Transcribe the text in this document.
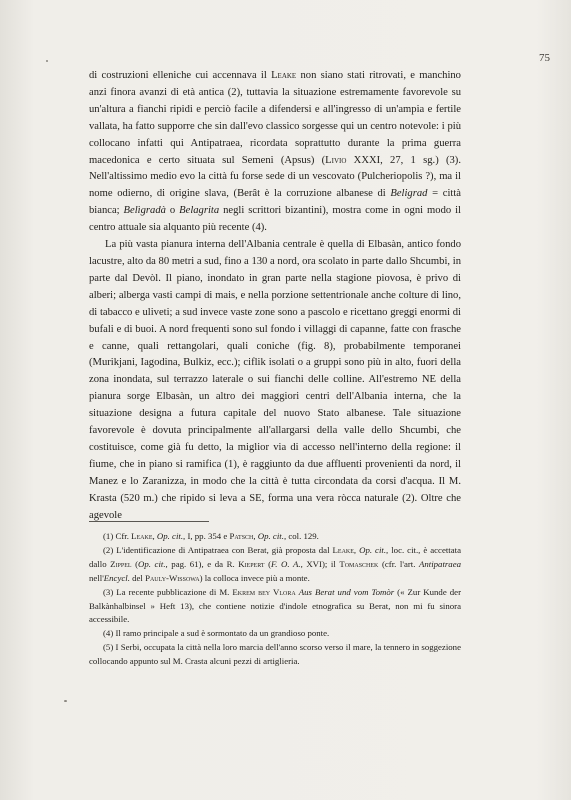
75

di costruzioni elleniche cui accennava il Leake non siano stati ritrovati, e manchino anzi finora avanzi di età antica (2), tuttavia la situazione estremamente favorevole su un'altura a fianchi ripidi e perciò facile a difendersi e all'ingresso di un'ampia e fertile vallata, ha fatto supporre che sin dall'evo classico sorgesse qui un centro notevole: i più collocano infatti qui Antipatraea, ricordata soprattutto durante la prima guerra macedonica e certo situata sul Semeni (Apsus) (Livio XXXI, 27, 1 sg.) (3). Nell'altissimo medio evo la città fu forse sede di un vescovato (Pulcheriopolis ?), ma il nome odierno, di origine slava, (Berât è la corruzione albanese di Beligrad = città bianca; Belìgradà o Belagrita negli scrittori bizantini), mostra come in ogni modo il centro attuale sia alquanto più recente (4).

La più vasta pianura interna dell'Albania centrale è quella di Elbasàn, antico fondo lacustre, alto da 80 metri a sud, fino a 130 a nord, ora scolato in parte dallo Shcumbi, in parte dal Devòl. Il piano, inondato in gran parte nella stagione piovosa, è privo di alberi; alberga vasti campi di mais, e nella porzione settentrionale anche colture di lino, di tabacco e uliveti; a sud invece vaste zone sono a pascolo e ricettano greggi enormi di bufali e di buoi. A nord frequenti sono sul fondo i villaggi di capanne, fatte con frasche e canne, quali rettangolari, quali coniche (fig. 8), probabilmente temporanei (Murikjani, Iagodina, Bulkiz, ecc.); ciflik isolati o a gruppi sono più in alto, fuori della zona inondata, sul terrazzo laterale o sui fianchi delle colline. All'estremo NE della pianura sorge Elbasàn, un altro dei maggiori centri dell'Albania interna, che la situazione designa a futura capitale del nuovo Stato albanese. Tale situazione favorevole è dovuta principalmente all'allargarsi della valle dello Shcumbi, che costituisce, come già fu detto, la miglior via di accesso nell'interno della regione: il fiume, che in piano si ramifica (1), è raggiunto da due affluenti provenienti da nord, il Manez e lo Zaranizza, in modo che la città è tutta circondata da corsi d'acqua. Il M. Krasta (520 m.) che ripido si leva a SE, forma una vera ròcca naturale (2). Oltre che agevole

(1) Cfr. Leake, Op. cit., I, pp. 354 e Patsch, Op. cit., col. 129.

(2) L'identificazione di Antipatraea con Berat, già proposta dal Leake, Op. cit., loc. cit., è accettata dallo Zippel (Op. cit., pag. 61), e da R. Kiepert (F. O. A., XVI); il Tomaschek (cfr. l'art. Antipatraea nell'Encycl. del Pauly-Wissowa) la colloca invece più a monte.

(3) La recente pubblicazione di M. Ekrem bey Vlora Aus Berat und vom Tomòr (« Zur Kunde der Balkànhalbinsel » Heft 13), che contiene notizie d'indole etnografica su Berat, non mi fu sinora accessibile.

(4) Il ramo principale a sud è sormontato da un grandioso ponte.

(5) I Serbi, occupata la città nella loro marcia dell'anno scorso verso il mare, la tennero in soggezione collocando appunto sul M. Crasta alcuni pezzi di artiglieria.
